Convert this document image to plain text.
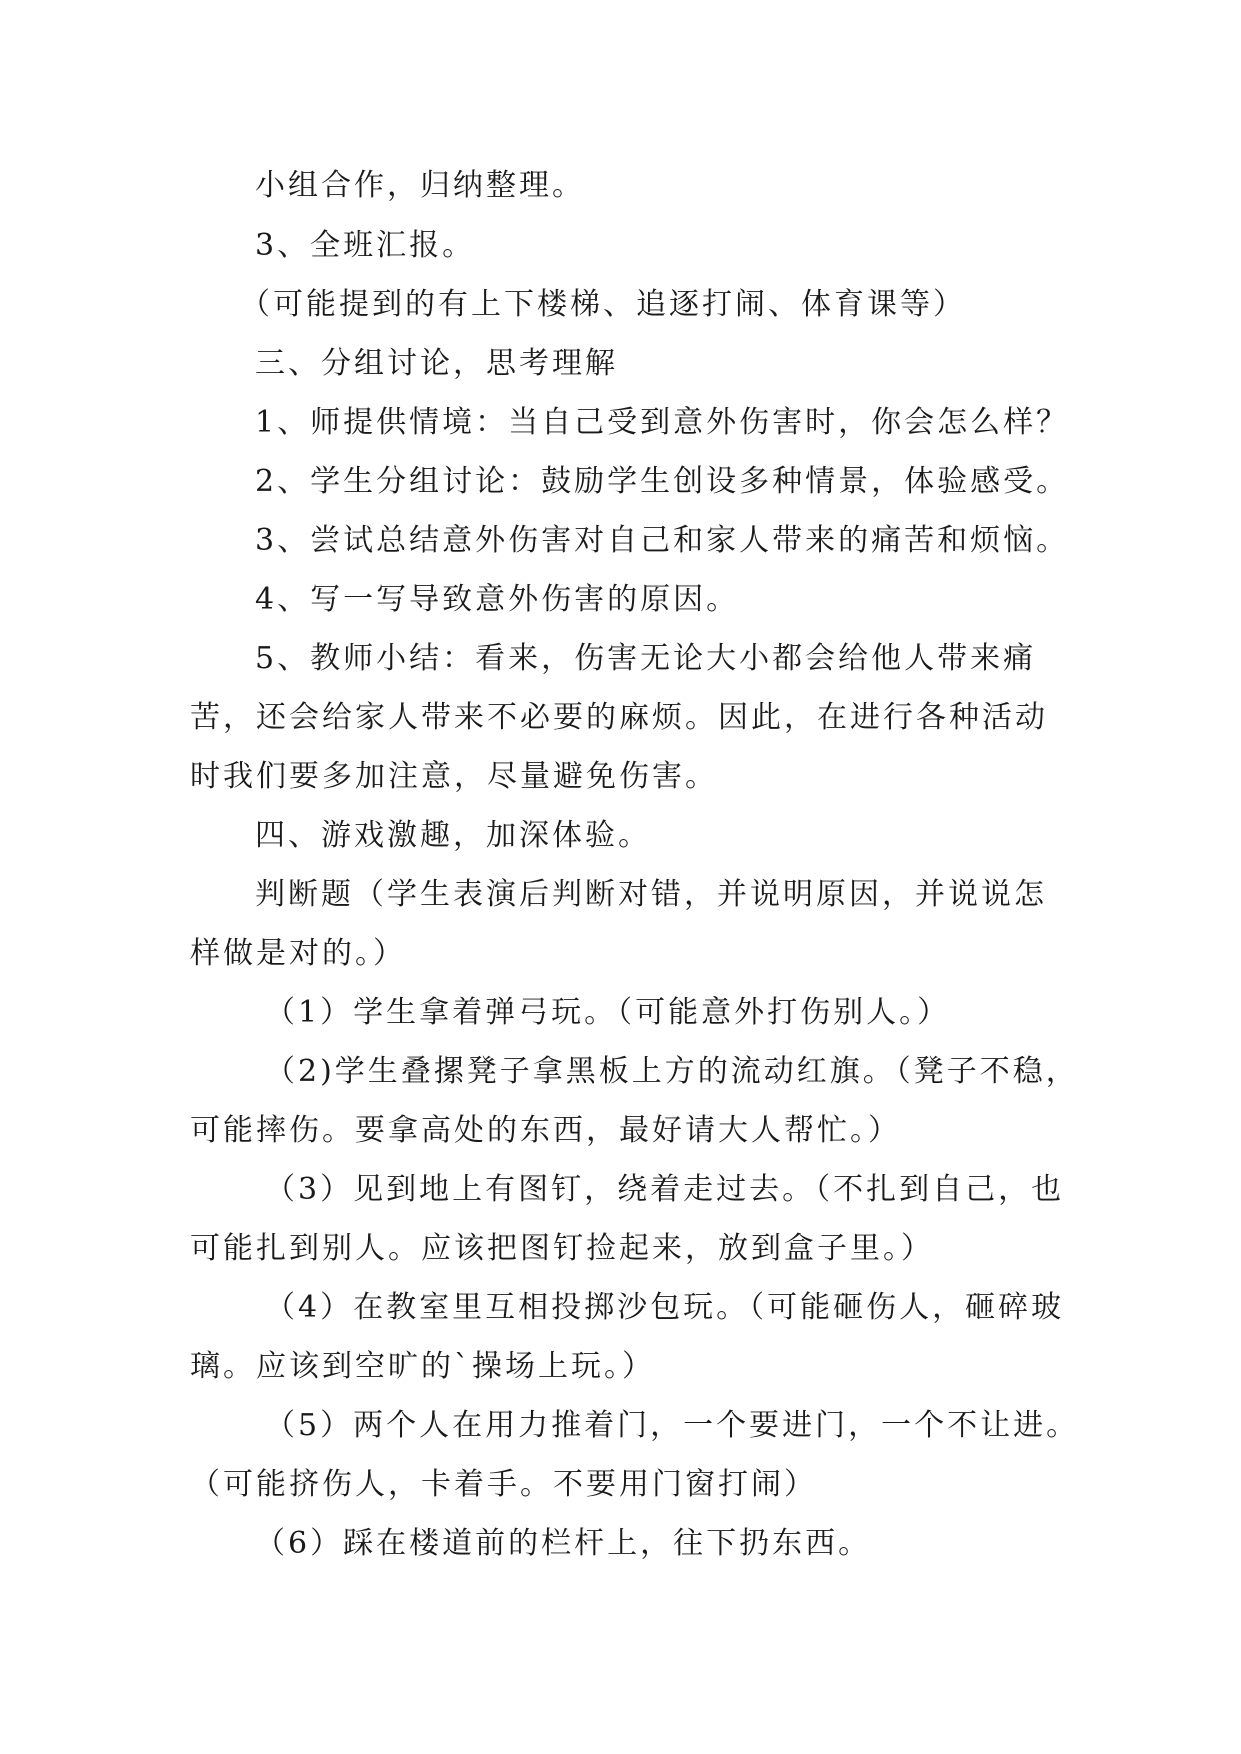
小组合作，归纳整理。
3、全班汇报。
（可能提到的有上下楼梯、追逐打闹、体育课等）
三、分组讨论，思考理解
1、师提供情境：当自己受到意外伤害时，你会怎么样？
2、学生分组讨论：鼓励学生创设多种情景，体验感受。
3、尝试总结意外伤害对自己和家人带来的痛苦和烦恼。
4、写一写导致意外伤害的原因。
5、教师小结：看来，伤害无论大小都会给他人带来痛
苦，还会给家人带来不必要的麻烦。因此，在进行各种活动
时我们要多加注意，尽量避免伤害。
四、游戏激趣，加深体验。
判断题（学生表演后判断对错，并说明原因，并说说怎
样做是对的。）
（1）学生拿着弹弓玩。（可能意外打伤别人。）
（2)学生叠摞凳子拿黑板上方的流动红旗。（凳子不稳，
可能摔伤。要拿高处的东西，最好请大人帮忙。）
（3）见到地上有图钉，绕着走过去。（不扎到自己，也
可能扎到别人。应该把图钉捡起来，放到盒子里。）
（4）在教室里互相投掷沙包玩。（可能砸伤人，砸碎玻
璃。应该到空旷的`操场上玩。）
（5）两个人在用力推着门，一个要进门，一个不让进。
（可能挤伤人，卡着手。不要用门窗打闹）
（6）踩在楼道前的栏杆上，往下扔东西。
